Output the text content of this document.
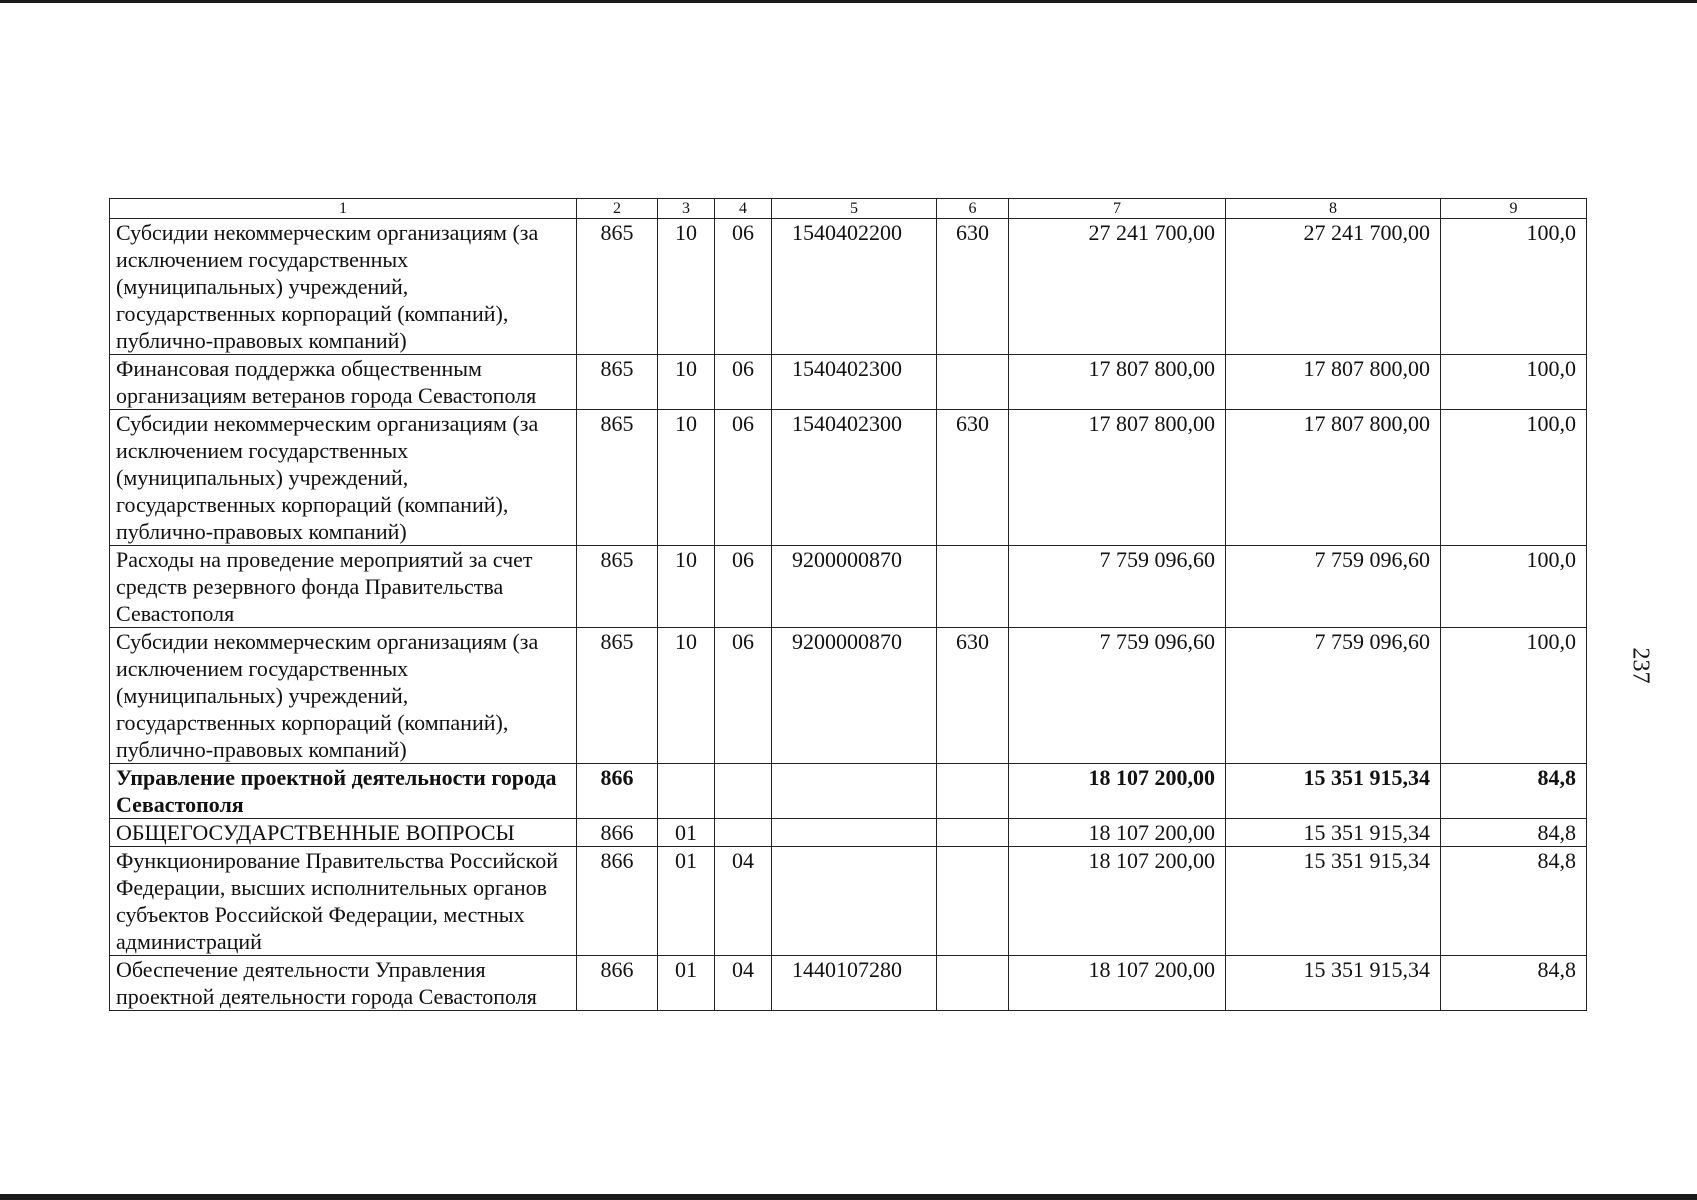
1	2	3	4	5	6	7	8	9
Субсидии некоммерческим организациям (за исключением государственных (муниципальных) учреждений, государственных корпораций (компаний), публично-правовых компаний)	865	10	06	1540402200	630	27 241 700,00	27 241 700,00	100,0
Финансовая поддержка общественным организациям ветеранов города Севастополя	865	10	06	1540402300		17 807 800,00	17 807 800,00	100,0
Субсидии некоммерческим организациям (за исключением государственных (муниципальных) учреждений, государственных корпораций (компаний), публично-правовых компаний)	865	10	06	1540402300	630	17 807 800,00	17 807 800,00	100,0
Расходы на проведение мероприятий за счет средств резервного фонда Правительства Севастополя	865	10	06	9200000870		7 759 096,60	7 759 096,60	100,0
Субсидии некоммерческим организациям (за исключением государственных (муниципальных) учреждений, государственных корпораций (компаний), публично-правовых компаний)	865	10	06	9200000870	630	7 759 096,60	7 759 096,60	100,0
Управление проектной деятельности города Севастополя	866					18 107 200,00	15 351 915,34	84,8
ОБЩЕГОСУДАРСТВЕННЫЕ ВОПРОСЫ	866	01				18 107 200,00	15 351 915,34	84,8
Функционирование Правительства Российской Федерации, высших исполнительных органов субъектов Российской Федерации, местных администраций	866	01	04			18 107 200,00	15 351 915,34	84,8
Обеспечение деятельности Управления проектной деятельности города Севастополя	866	01	04	1440107280		18 107 200,00	15 351 915,34	84,8
237
